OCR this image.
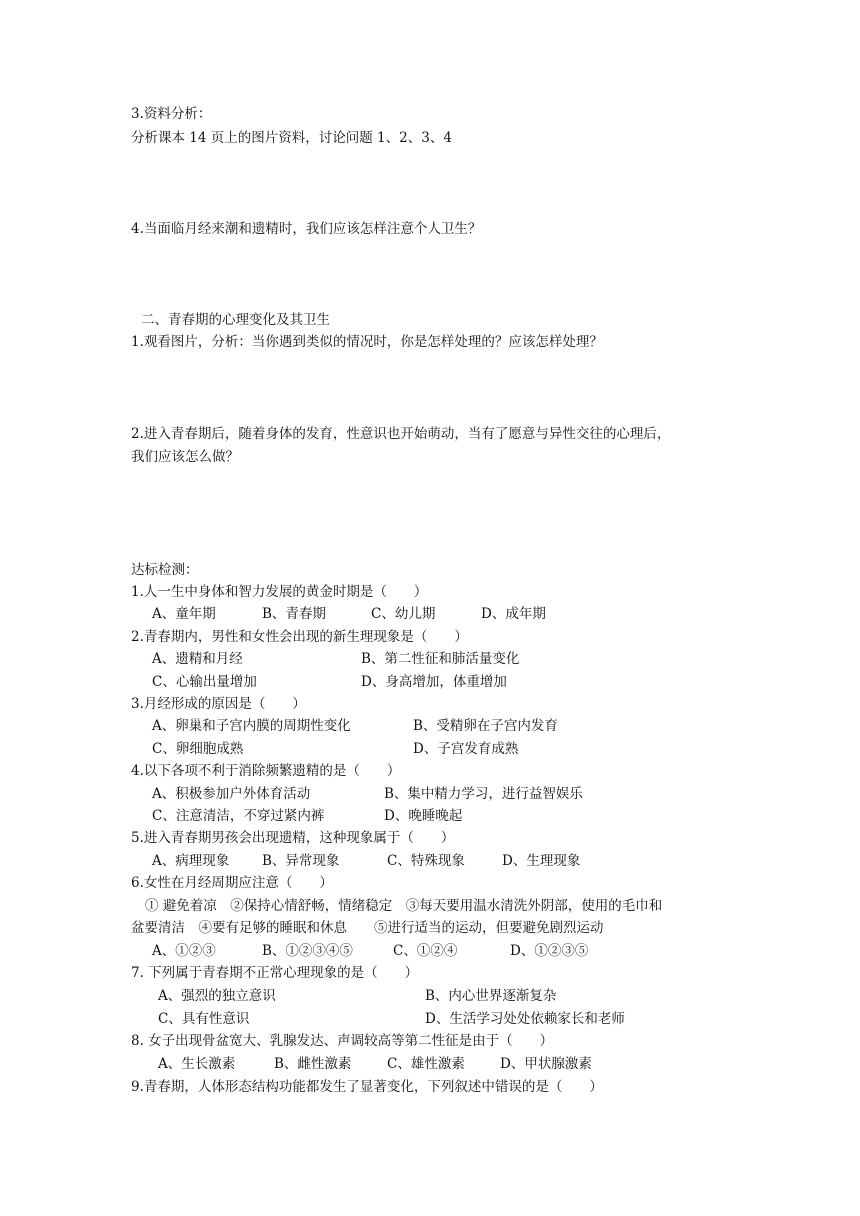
3.资料分析：
分析课本 14 页上的图片资料，讨论问题 1、2、3、4
4.当面临月经来潮和遗精时，我们应该怎样注意个人卫生？
二、青春期的心理变化及其卫生
1.观看图片，分析：当你遇到类似的情况时，你是怎样处理的？应该怎样处理？
2.进入青春期后，随着身体的发育，性意识也开始萌动，当有了愿意与异性交往的心理后，
我们应该怎么做？
达标检测：
1.人一生中身体和智力发展的黄金时期是（　　）
A、童年期	B、青春期	C、幼儿期	D、成年期
2.青春期内，男性和女性会出现的新生理现象是（　　）
A、遗精和月经	B、第二性征和肺活量变化
C、心输出量增加	D、身高增加，体重增加
3.月经形成的原因是（　　）
A、卵巢和子宫内膜的周期性变化	B、受精卵在子宫内发育
C、卵细胞成熟	D、子宫发育成熟
4.以下各项不利于消除频繁遗精的是（　　）
A、积极参加户外体育活动	B、集中精力学习，进行益智娱乐
C、注意清洁，不穿过紧内裤	D、晚睡晚起
5.进入青春期男孩会出现遗精，这种现象属于（　　）
A、病理现象 B、异常现象	C、特殊现象	D、生理现象
6.女性在月经周期应注意（　　）
① 避免着凉　②保持心情舒畅，情绪稳定　③每天要用温水清洗外阴部，使用的毛巾和
盆要清洁　④要有足够的睡眠和休息　　⑤进行适当的运动，但要避免剧烈运动
A、①②③	B、①②③④⑤	C、①②④	D、①②③⑤
7. 下列属于青春期不正常心理现象的是（　　）
A、强烈的独立意识	B、内心世界逐渐复杂
C、具有性意识	D、生活学习处处依赖家长和老师
8. 女子出现骨盆宽大、乳腺发达、声调较高等第二性征是由于（　　）
A、生长激素	B、雌性激素	C、雄性激素	D、甲状腺激素
9.青春期，人体形态结构功能都发生了显著变化，下列叙述中错误的是（　　）
